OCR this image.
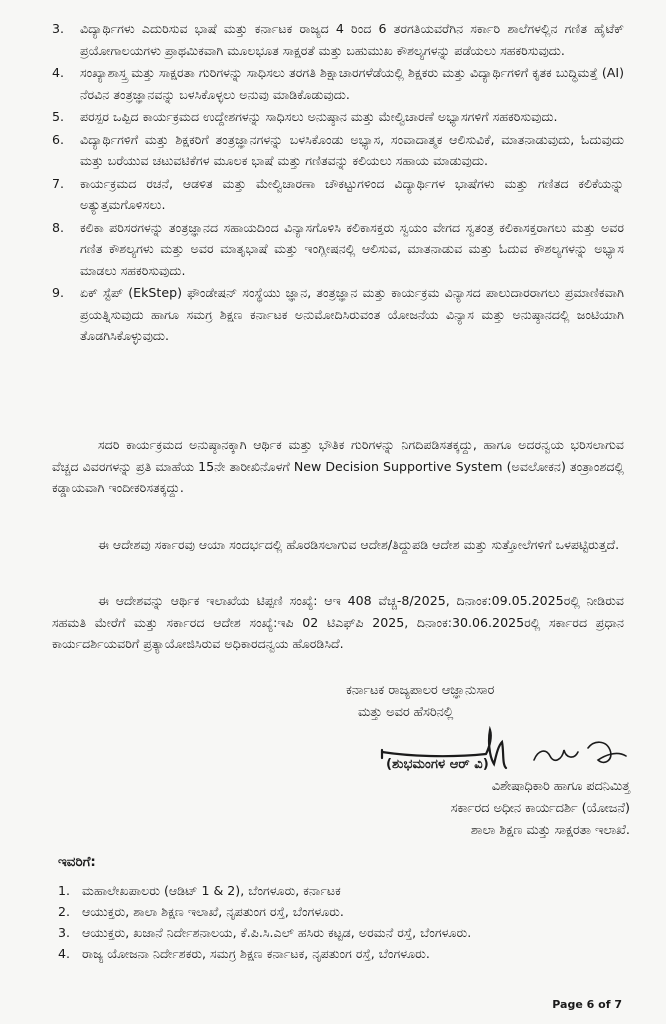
3.	ವಿದ್ಯಾರ್ಥಿಗಳು ಎದುರಿಸುವ ಭಾಷೆ ಮತ್ತು ಕರ್ನಾಟಕ ರಾಜ್ಯದ 4 ರಿಂದ 6 ತರಗತಿಯವರೆಗಿನ ಸರ್ಕಾರಿ ಶಾಲೆಗಳಲ್ಲಿನ ಗಣಿತ ಹೈಟೆಕ್ ಪ್ರಯೋಗಾಲಯಗಳು ಪ್ರಾಥಮಿಕವಾಗಿ ಮೂಲಭೂತ ಸಾಕ್ಷರತೆ ಮತ್ತು ಬಹುಮುಖ ಕೌಶಲ್ಯಗಳನ್ನು ಪಡೆಯಲು ಸಹಕರಿಸುವುದು.
4.	ಸಂಖ್ಯಾಶಾಸ್ತ್ರ ಮತ್ತು ಸಾಕ್ಷರತಾ ಗುರಿಗಳನ್ನು ಸಾಧಿಸಲು ತರಗತಿ ಶಿಕ್ಷಾಚಾರಗಳೆಡೆಯಲ್ಲಿ ಶಿಕ್ಷಕರು ಮತ್ತು ವಿದ್ಯಾರ್ಥಿಗಳಿಗೆ ಕೃತಕ ಬುದ್ಧಿಮತ್ತೆ (AI) ನೆರವಿನ ತಂತ್ರಜ್ಞಾನವನ್ನು ಬಳಸಿಕೊಳ್ಳಲು ಅನುವು ಮಾಡಿಕೊಡುವುದು.
5.	ಪರಸ್ಪರ ಒಪ್ಪಿದ ಕಾರ್ಯಕ್ರಮದ ಉದ್ದೇಶಗಳನ್ನು ಸಾಧಿಸಲು ಅನುಷ್ಠಾನ ಮತ್ತು ಮೇಲ್ವಿಚಾರಣೆ ಅಭ್ಯಾಸಗಳಿಗೆ ಸಹಕರಿಸುವುದು.
6.	ವಿದ್ಯಾರ್ಥಿಗಳಿಗೆ ಮತ್ತು ಶಿಕ್ಷಕರಿಗೆ ತಂತ್ರಜ್ಞಾನಗಳನ್ನು ಬಳಸಿಕೊಂಡು ಅಭ್ಯಾಸ, ಸಂವಾದಾತ್ಮಕ ಆಲಿಸುವಿಕೆ, ಮಾತನಾಡುವುದು, ಓದುವುದು ಮತ್ತು ಬರೆಯುವ ಚಟುವಟಿಕೆಗಳ ಮೂಲಕ ಭಾಷೆ ಮತ್ತು ಗಣಿತವನ್ನು ಕಲಿಯಲು ಸಹಾಯ ಮಾಡುವುದು.
7.	ಕಾರ್ಯಕ್ರಮದ ರಚನೆ, ಆಡಳಿತ ಮತ್ತು ಮೇಲ್ವಿಚಾರಣಾ ಚೌಕಟ್ಟುಗಳಿಂದ ವಿದ್ಯಾರ್ಥಿಗಳ ಭಾಷೆಗಳು ಮತ್ತು ಗಣಿತದ ಕಲಿಕೆಯನ್ನು ಅತ್ಯುತ್ತಮಗೊಳಿಸಲು.
8.	ಕಲಿಕಾ ಪರಿಸರಗಳನ್ನು ತಂತ್ರಜ್ಞಾನದ ಸಹಾಯದಿಂದ ವಿನ್ಯಾಸಗೊಳಿಸಿ ಕಲಿಕಾಸಕ್ತರು ಸ್ವಯಂ ವೇಗದ ಸ್ವತಂತ್ರ ಕಲಿಕಾಸಕ್ತರಾಗಲು ಮತ್ತು ಅವರ ಗಣಿತ ಕೌಶಲ್ಯಗಳು ಮತ್ತು ಅವರ ಮಾತೃಭಾಷೆ ಮತ್ತು ಇಂಗ್ಲೀಷನಲ್ಲಿ ಆಲಿಸುವ, ಮಾತನಾಡುವ ಮತ್ತು ಓದುವ ಕೌಶಲ್ಯಗಳನ್ನು ಅಭ್ಯಾಸ ಮಾಡಲು ಸಹಕರಿಸುವುದು.
9.	ಏಕ್ ಸ್ಟೆಪ್ (EkStep) ಫೌಂಡೇಷನ್ ಸಂಸ್ಥೆಯು ಜ್ಞಾನ, ತಂತ್ರಜ್ಞಾನ ಮತ್ತು ಕಾರ್ಯಕ್ರಮ ವಿನ್ಯಾಸದ ಪಾಲುದಾರರಾಗಲು ಪ್ರಮಾಣಿಕವಾಗಿ ಪ್ರಯತ್ನಿಸುವುದು ಹಾಗೂ ಸಮಗ್ರ ಶಿಕ್ಷಣ ಕರ್ನಾಟಕ ಅನುಮೋದಿಸಿರುವಂತ ಯೋಜನೆಯ ವಿನ್ಯಾಸ ಮತ್ತು ಅನುಷ್ಠಾನದಲ್ಲಿ ಜಂಟಿಯಾಗಿ ತೊಡಗಿಸಿಕೊಳ್ಳುವುದು.

ಸದರಿ ಕಾರ್ಯಕ್ರಮದ ಅನುಷ್ಠಾನಕ್ಕಾಗಿ ಆರ್ಥಿಕ ಮತ್ತು ಭೌತಿಕ ಗುರಿಗಳನ್ನು ನಿಗದಿಪಡಿಸತಕ್ಕದ್ದು, ಹಾಗೂ ಅದರನ್ವಯ ಭರಿಸಲಾಗುವ ವೆಚ್ಚದ ವಿವರಗಳನ್ನು ಪ್ರತಿ ಮಾಹೆಯ 15ನೇ ತಾರೀಖಿನೊಳಗೆ New Decision Supportive System (ಅವಲೋಕನ) ತಂತ್ರಾಂಶದಲ್ಲಿ ಕಡ್ಡಾಯವಾಗಿ ಇಂದೀಕರಿಸತಕ್ಕದ್ದು.

ಈ ಆದೇಶವು ಸರ್ಕಾರವು ಆಯಾ ಸಂದರ್ಭದಲ್ಲಿ ಹೊರಡಿಸಲಾಗುವ ಆದೇಶ/ತಿದ್ದುಪಡಿ ಆದೇಶ ಮತ್ತು ಸುತ್ತೋಲೆಗಳಿಗೆ ಒಳಪಟ್ಟಿರುತ್ತದೆ.

ಈ ಆದೇಶವನ್ನು ಆರ್ಥಿಕ ಇಲಾಖೆಯ ಟಿಪ್ಪಣಿ ಸಂಖ್ಯೆ: ಆಇ 408 ವೆಚ್ಚ-8/2025, ದಿನಾಂಕ:09.05.2025ರಲ್ಲಿ ನೀಡಿರುವ ಸಹಮತಿ ಮೇರೆಗೆ ಮತ್ತು ಸರ್ಕಾರದ ಆದೇಶ ಸಂಖ್ಯೆ:ಇಪಿ 02 ಟಿಎಫ್‌ಪಿ 2025, ದಿನಾಂಕ:30.06.2025ರಲ್ಲಿ ಸರ್ಕಾರದ ಪ್ರಧಾನ ಕಾರ್ಯದರ್ಶಿಯವರಿಗೆ ಪ್ರತ್ಯಾಯೋಜಿಸಿರುವ ಅಧಿಕಾರದನ್ವಯ ಹೊರಡಿಸಿದೆ.

ಕರ್ನಾಟಕ ರಾಜ್ಯಪಾಲರ ಆಜ್ಞಾನುಸಾರ
ಮತ್ತು ಅವರ ಹೆಸರಿನಲ್ಲಿ
(ಶುಭಮಂಗಳ ಆರ್ ವಿ)
ವಿಶೇಷಾಧಿಕಾರಿ ಹಾಗೂ ಪದನಿಮಿತ್ತ
ಸರ್ಕಾರದ ಅಧೀನ ಕಾರ್ಯದರ್ಶಿ (ಯೋಜನೆ)
ಶಾಲಾ ಶಿಕ್ಷಣ ಮತ್ತು ಸಾಕ್ಷರತಾ ಇಲಾಖೆ.
ಇವರಿಗೆ:
1. ಮಹಾಲೇಖಪಾಲರು (ಆಡಿಟ್ 1 & 2), ಬೆಂಗಳೂರು, ಕರ್ನಾಟಕ
2. ಆಯುಕ್ತರು, ಶಾಲಾ ಶಿಕ್ಷಣ ಇಲಾಖೆ, ನೃಪತುಂಗ ರಸ್ತೆ, ಬೆಂಗಳೂರು.
3. ಆಯುಕ್ತರು, ಖಜಾನೆ ನಿರ್ದೇಶನಾಲಯ, ಕೆ.ಪಿ.ಸಿ.ಎಲ್ ಹಸಿರು ಕಟ್ಟಡ, ಅರಮನೆ ರಸ್ತೆ, ಬೆಂಗಳೂರು.
4. ರಾಜ್ಯ ಯೋಜನಾ ನಿರ್ದೇಶಕರು, ಸಮಗ್ರ ಶಿಕ್ಷಣ ಕರ್ನಾಟಕ, ನೃಪತುಂಗ ರಸ್ತೆ, ಬೆಂಗಳೂರು.
Page 6 of 7
